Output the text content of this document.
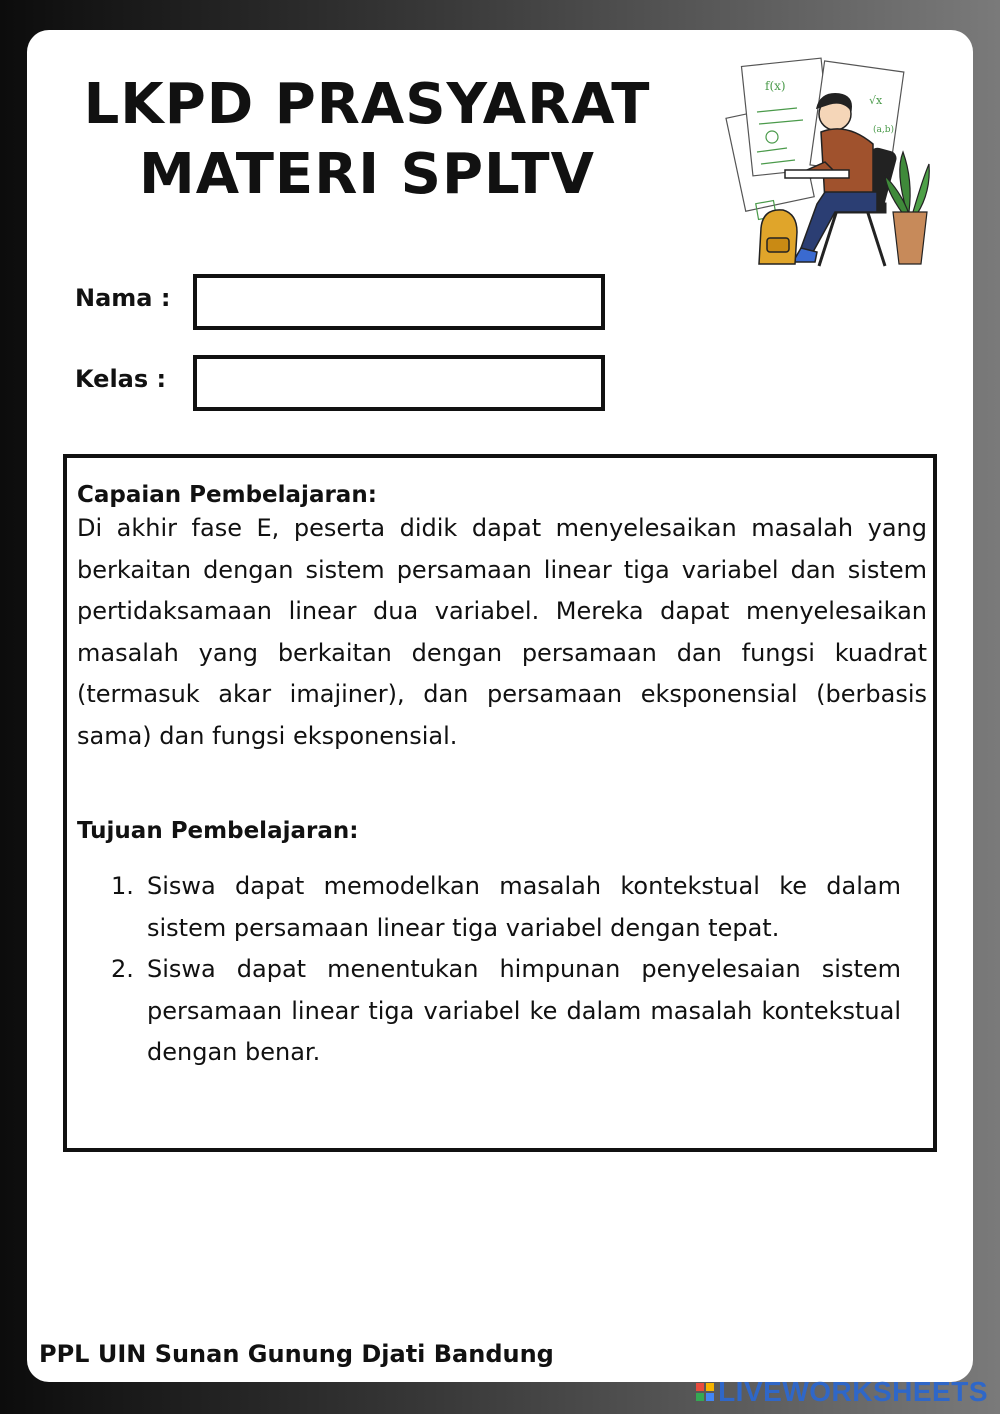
LKPD PRASYARAT
MATERI SPLTV
f(x)
√x
(a,b)
Nama :
Kelas :
Capaian Pembelajaran:
Di akhir fase E, peserta didik dapat menyelesaikan masalah yang berkaitan dengan sistem persamaan linear tiga variabel dan sistem pertidaksamaan linear dua variabel. Mereka dapat menyelesaikan masalah yang berkaitan dengan persamaan dan fungsi kuadrat (termasuk akar imajiner), dan persamaan eksponensial (berbasis sama) dan fungsi eksponensial.
Tujuan Pembelajaran:
1. Siswa dapat memodelkan masalah kontekstual ke dalam sistem persamaan linear tiga variabel dengan tepat.
2. Siswa dapat menentukan himpunan penyelesaian sistem persamaan linear tiga variabel ke dalam masalah kontekstual dengan benar.
PPL UIN Sunan Gunung Djati Bandung
LIVEWORKSHEETS
